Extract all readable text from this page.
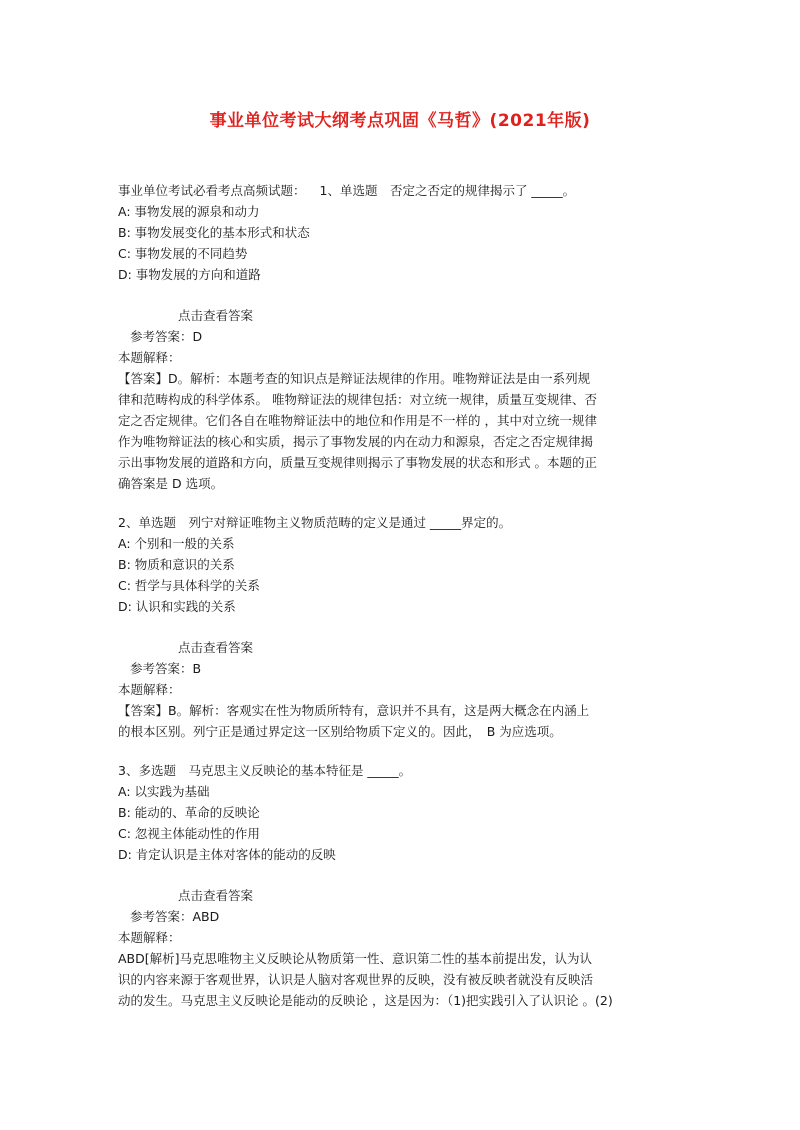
事业单位考试大纲考点巩固《马哲》(2021年版)
事业单位考试必看考点高频试题： 1、单选题　否定之否定的规律揭示了 _____。
A: 事物发展的源泉和动力
B: 事物发展变化的基本形式和状态
C: 事物发展的不同趋势
D: 事物发展的方向和道路
点击查看答案
参考答案：D
本题解释：
【答案】D。解析：本题考查的知识点是辩证法规律的作用。唯物辩证法是由一系列规
律和范畴构成的科学体系。 唯物辩证法的规律包括：对立统一规律，质量互变规律、否
定之否定规律。它们各自在唯物辩证法中的地位和作用是不一样的 ，其中对立统一规律
作为唯物辩证法的核心和实质，揭示了事物发展的内在动力和源泉，否定之否定规律揭
示出事物发展的道路和方向，质量互变规律则揭示了事物发展的状态和形式 。本题的正
确答案是 D 选项。
2、单选题　列宁对辩证唯物主义物质范畴的定义是通过 _____界定的。
A: 个别和一般的关系
B: 物质和意识的关系
C: 哲学与具体科学的关系
D: 认识和实践的关系
点击查看答案
参考答案：B
本题解释：
【答案】B。解析：客观实在性为物质所特有，意识并不具有，这是两大概念在内涵上
的根本区别。列宁正是通过界定这一区别给物质下定义的。因此，　B 为应选项。
3、多选题　马克思主义反映论的基本特征是 _____。
A: 以实践为基础
B: 能动的、革命的反映论
C: 忽视主体能动性的作用
D: 肯定认识是主体对客体的能动的反映
点击查看答案
参考答案：ABD
本题解释：
ABD[解析]马克思唯物主义反映论从物质第一性、意识第二性的基本前提出发，认为认
识的内容来源于客观世界，认识是人脑对客观世界的反映，没有被反映者就没有反映活
动的发生。马克思主义反映论是能动的反映论 ，这是因为：（1)把实践引入了认识论 。(2)
